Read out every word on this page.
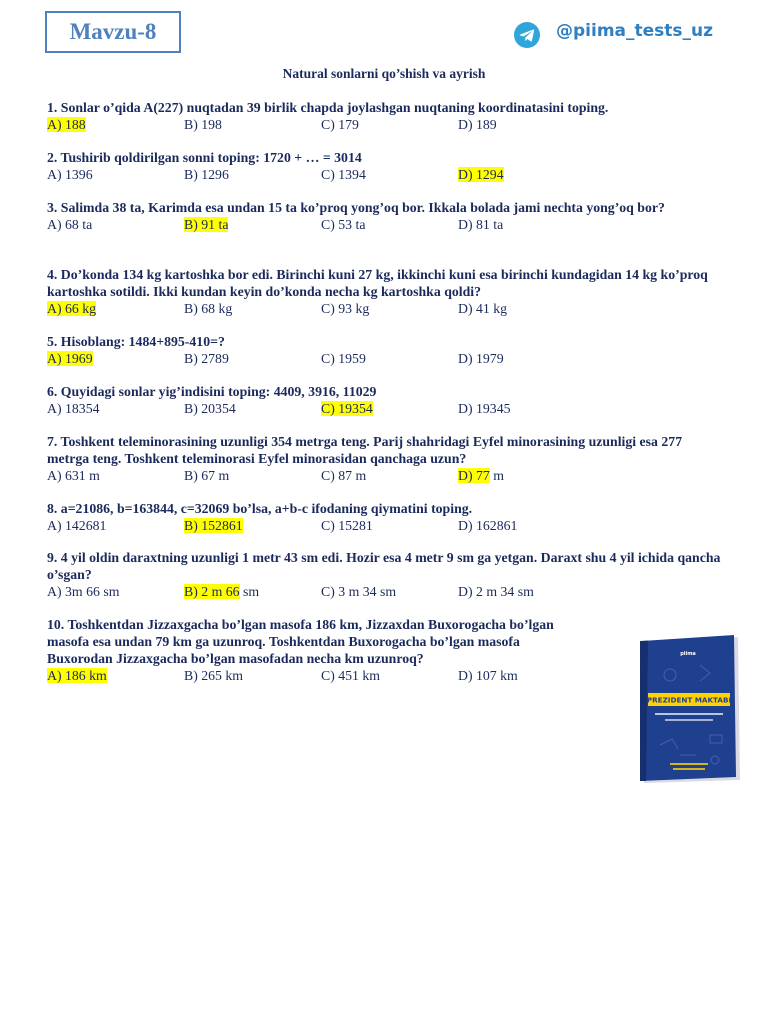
Mavzu-8	@piima_tests_uz
Natural sonlarni qo’shish va ayrish
1. Sonlar o’qida A(227) nuqtadan 39 birlik chapda joylashgan nuqtaning koordinatasini toping.
A) 188	B) 198	C) 179	D) 189
2. Tushirib qoldirilgan sonni toping: 1720 + … = 3014
A) 1396	B) 1296	C) 1394	D) 1294
3. Salimda 38 ta, Karimda esa undan 15 ta ko’proq yong’oq bor. Ikkala bolada jami nechta yong’oq bor?
A) 68 ta	B) 91 ta	C) 53 ta	D) 81 ta
4. Do’konda 134 kg kartoshka bor edi. Birinchi kuni 27 kg, ikkinchi kuni esa birinchi kundagidan 14 kg ko’proq kartoshka sotildi. Ikki kundan keyin do’konda necha kg kartoshka qoldi?
A) 66 kg	B) 68 kg	C) 93 kg	D) 41 kg
5. Hisoblang: 1484+895-410=?
A) 1969	B) 2789	C) 1959	D) 1979
6. Quyidagi sonlar yig’indisini toping: 4409, 3916, 11029
A) 18354	B) 20354	C) 19354	D) 19345
7. Toshkent teleminorasining uzunligi 354 metrga teng. Parij shahridagi Eyfel minorasining uzunligi esa 277 metrga teng. Toshkent teleminorasi Eyfel minorasidan qanchaga uzun?
A) 631 m	B) 67 m	C) 87 m	D) 77 m
8. a=21086, b=163844, c=32069 bo’lsa, a+b-c ifodaning qiymatini toping.
A) 142681	B) 152861	C) 15281	D) 162861
9. 4 yil oldin daraxtning uzunligi 1 metr 43 sm edi. Hozir esa 4 metr 9 sm ga yetgan. Daraxt shu 4 yil ichida qancha o’sgan?
A) 3m 66 sm	B) 2 m 66 sm	C) 3 m 34 sm	D) 2 m 34 sm
10. Toshkentdan Jizzaxgacha bo’lgan masofa 186 km, Jizzaxdan Buxorogacha bo’lgan masofa esa undan 79 km ga uzunroq. Toshkentdan Buxorogacha bo’lgan masofa Buxorodan Jizzaxgacha bo’lgan masofadan necha km uzunroq?
A) 186 km	B) 265 km	C) 451 km	D) 107 km
piima
PREZIDENT MAKTABI
